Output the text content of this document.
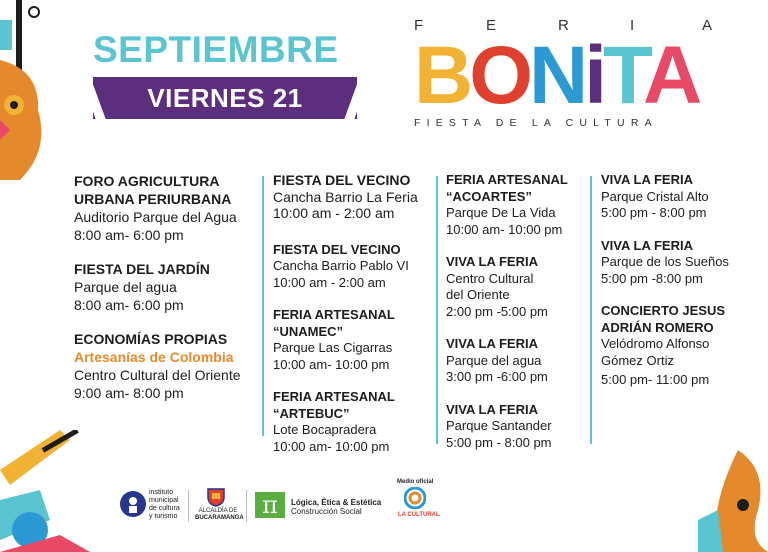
SEPTIEMBRE
VIERNES 21
F	E	R	I	A
BONiTA
FIESTA DE LA CULTURA
FORO AGRICULTURA
URBANA PERIURBANA
Auditorio Parque del Agua
8:00 am- 6:00 pm
FIESTA DEL JARDÍN
Parque del agua
8:00 am- 6:00 pm
ECONOMÍAS PROPIAS
Artesanías de Colombia
Centro Cultural del Oriente
9:00 am- 8:00 pm
FIESTA DEL VECINO
Cancha Barrio La Feria
10:00 am - 2:00 am
FIESTA DEL VECINO
Cancha Barrio Pablo VI
10:00 am - 2:00 am
FERIA ARTESANAL
“UNAMEC”
Parque Las Cigarras
10:00 am- 10:00 pm
FERIA ARTESANAL
“ARTEBUC”
Lote Bocapradera
10:00 am- 10:00 pm
FERIA ARTESANAL
“ACOARTES”
Parque De La Vida
10:00 am- 10:00 pm
VIVA LA FERIA
Centro Cultural
del Oriente
2:00 pm -5:00 pm
VIVA LA FERIA
Parque del agua
3:00 pm -6:00 pm
VIVA LA FERIA
Parque Santander
5:00 pm - 8:00 pm
VIVA LA FERIA
Parque Cristal Alto
5:00 pm - 8:00 pm
VIVA LA FERIA
Parque de los Sueños
5:00 pm -8:00 pm
CONCIERTO JESUS
ADRIÁN ROMERO
Velódromo Alfonso
Gómez Ortiz
5:00 pm- 11:00 pm
instituto
municipal
de cultura
y turismo
ALCALDÍA DE
BUCARAMANGA π	Lógica, Ética & Estética
Construcción Social
Medio oficial
LA CULTURAL
